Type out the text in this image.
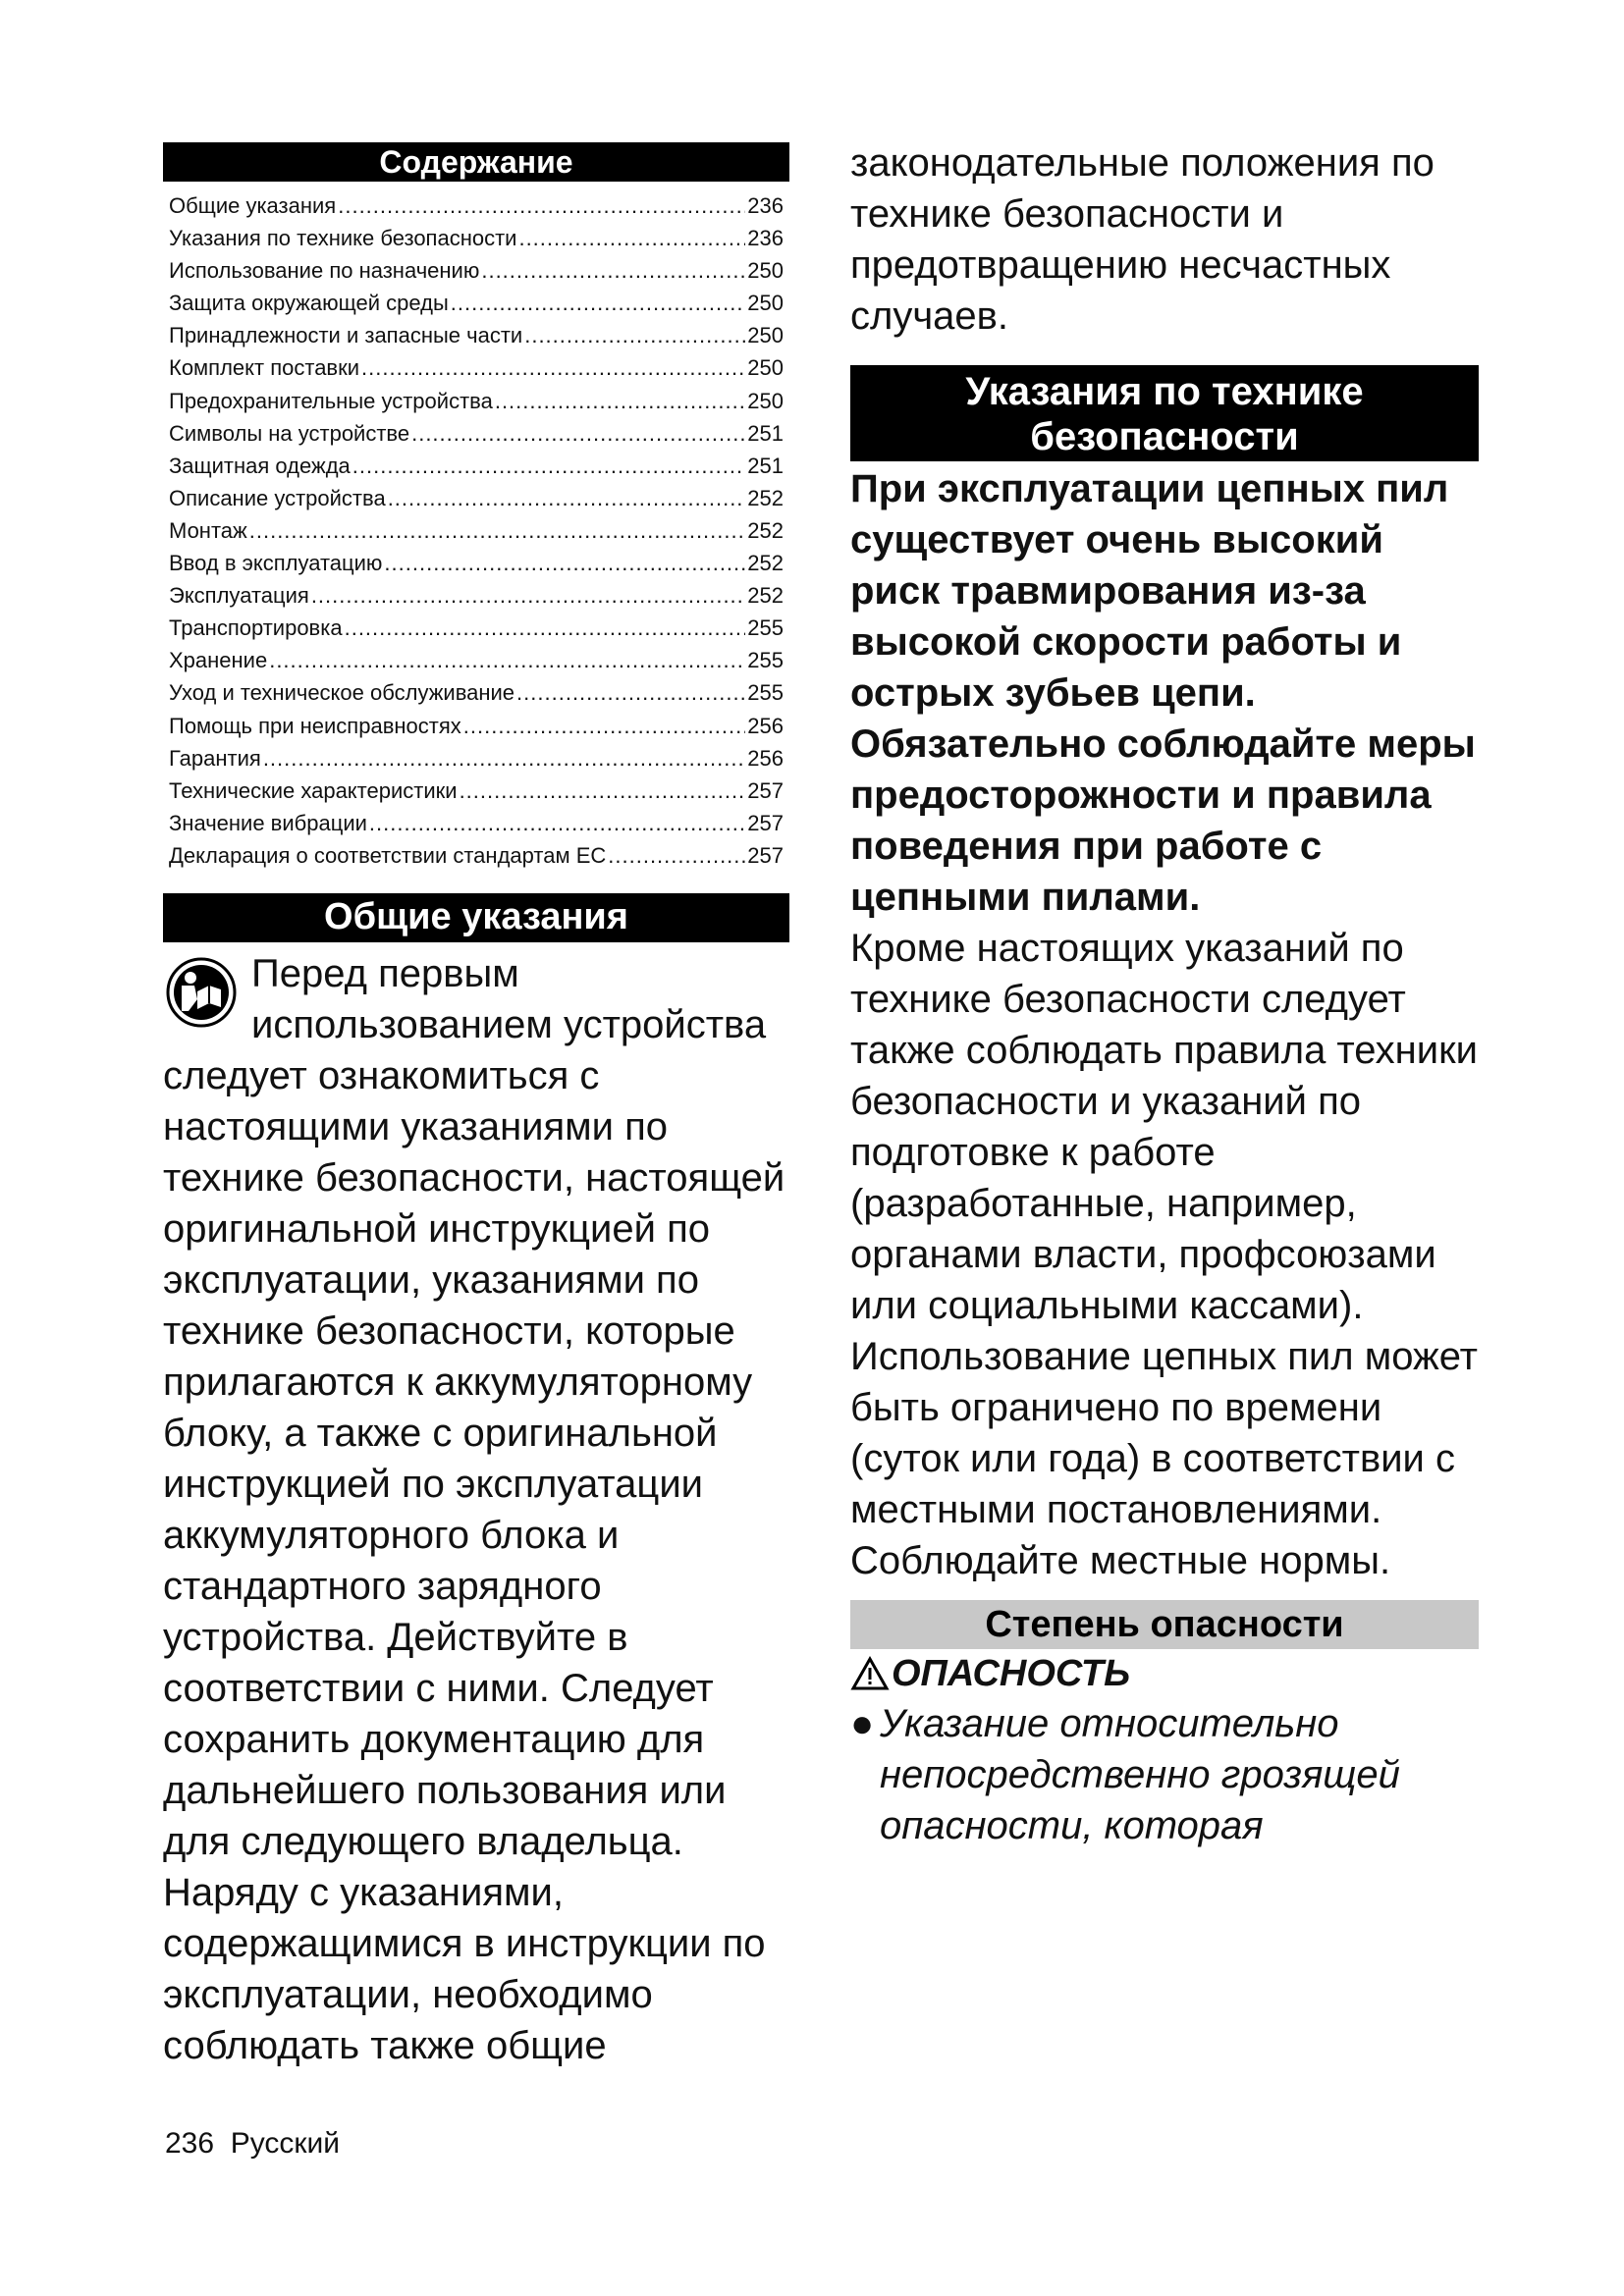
Содержание
Общие указания .....	236
Указания по технике безопасности .....	236
Использование по назначению .....	250
Защита окружающей среды .....	250
Принадлежности и запасные части .....	250
Комплект поставки .....	250
Предохранительные устройства .....	250
Символы на устройстве .....	251
Защитная одежда .....	251
Описание устройства .....	252
Монтаж .....	252
Ввод в эксплуатацию .....	252
Эксплуатация .....	252
Транспортировка .....	255
Хранение .....	255
Уход и техническое обслуживание .....	255
Помощь при неисправностях .....	256
Гарантия .....	256
Технические характеристики .....	257
Значение вибрации .....	257
Декларация о соответствии стандартам ЕС .....	257
Общие указания

Перед первым использованием устройства следует ознакомиться с настоящими указаниями по технике безопасности, настоящей оригинальной инструкцией по эксплуатации, указаниями по технике безопасности, которые прилагаются к аккумуляторному блоку, а также с оригинальной инструкцией по эксплуатации аккумуляторного блока и стандартного зарядного устройства. Действуйте в соответствии с ними. Следует сохранить документацию для дальнейшего пользования или для следующего владельца.

Наряду с указаниями, содержащимися в инструкции по эксплуатации, необходимо соблюдать также общие

законодательные положения по технике безопасности и предотвращению несчастных случаев.

Указания по технике безопасности

При эксплуатации цепных пил существует очень высокий риск травмирования из-за высокой скорости работы и острых зубьев цепи. Обязательно соблюдайте меры предосторожности и правила поведения при работе с цепными пилами.

Кроме настоящих указаний по технике безопасности следует также соблюдать правила техники безопасности и указаний по подготовке к работе (разработанные, например, органами власти, профсоюзами или социальными кассами).

Использование цепных пил может быть ограничено по времени (суток или года) в соответствии с местными постановлениями.

Соблюдайте местные нормы.

Степень опасности
ОПАСНОСТЬ
● Указание относительно непосредственно грозящей опасности, которая
236 Русский
